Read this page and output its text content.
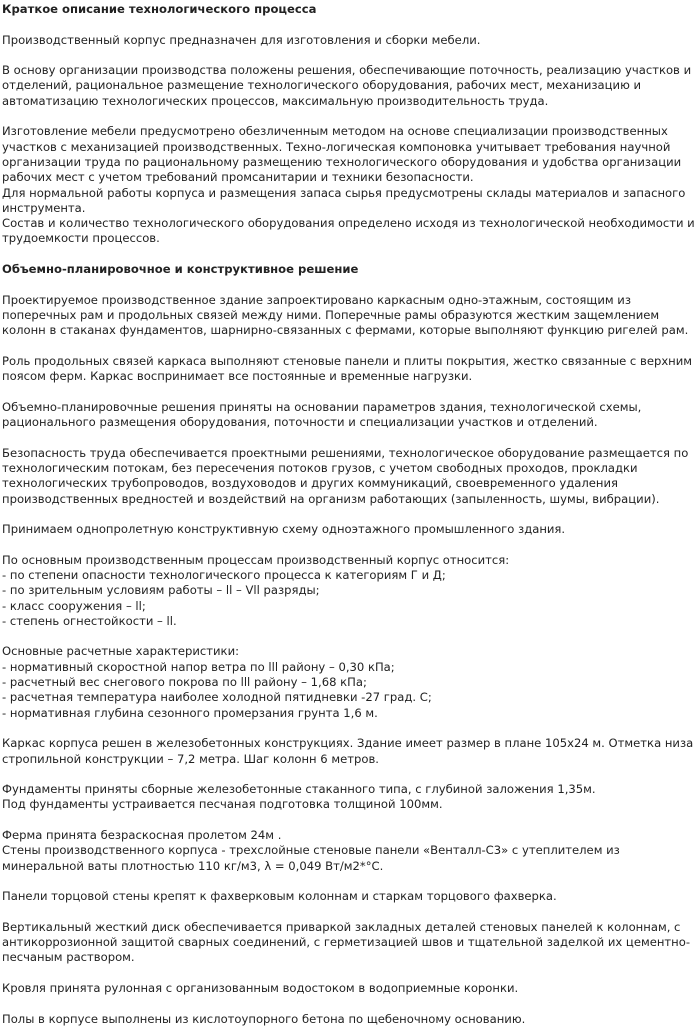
Краткое описание технологического процесса

Производственный корпус предназначен для изготовления и сборки мебели.

В основу организации производства положены решения, обеспечивающие поточность, реализацию участков и отделений, рациональное размещение технологического оборудования, рабочих мест, механизацию и автоматизацию технологических процессов, максимальную производительность труда.

Изготовление мебели предусмотрено обезличенным методом на основе специализации производственных участков с механизацией производственных. Техно-логическая компоновка учитывает требования научной организации труда по рациональному размещению технологического оборудования и удобства организации рабочих мест с учетом требований промсанитарии и техники безопасности.

Для нормальной работы корпуса и размещения запаса сырья предусмотрены склады материалов и запасного инструмента.

Состав и количество технологического оборудования определено исходя из технологической необходимости и трудоемкости процессов.

Объемно-планировочное и конструктивное решение

Проектируемое производственное здание запроектировано каркасным одно-этажным, состоящим из поперечных рам и продольных связей между ними. Поперечные рамы образуются жестким защемлением колонн в стаканах фундаментов, шарнирно-связанных с фермами, которые выполняют функцию ригелей рам.

Роль продольных связей каркаса выполняют стеновые панели и плиты покрытия, жестко связанные с верхним поясом ферм. Каркас воспринимает все постоянные и временные нагрузки.

Объемно-планировочные решения приняты на основании параметров здания, технологической схемы, рационального размещения оборудования, поточности и специализации участков и отделений.

Безопасность труда обеспечивается проектными решениями, технологическое оборудование размещается по технологическим потокам, без пересечения потоков грузов, с учетом свободных проходов, прокладки технологических трубопроводов, воздуховодов и других коммуникаций, своевременного удаления производственных вредностей и воздействий на организм работающих (запыленность, шумы, вибрации).

Принимаем однопролетную конструктивную схему одноэтажного промышленного здания.

По основным производственным процессам производственный корпус относится:

- по степени опасности технологического процесса к категориям Г и Д;

- по зрительным условиям работы – ll – Vll разряды;

- класс сооружения – ll;

- степень огнестойкости – ll.

Основные расчетные характеристики:

- нормативный скоростной напор ветра по lll району – 0,30 кПа;

- расчетный вес снегового покрова по lll району – 1,68 кПа;

- расчетная температура наиболее холодной пятидневки -27 град. С;

- нормативная глубина сезонного промерзания грунта 1,6 м.

Каркас корпуса решен в железобетонных конструкциях. Здание имеет размер в плане 105х24 м. Отметка низа стропильной конструкции – 7,2 метра. Шаг колонн 6 метров.

Фундаменты приняты сборные железобетонные стаканного типа, с глубиной заложения 1,35м.

Под фундаменты устраивается песчаная подготовка толщиной 100мм.

Ферма принята безраскосная пролетом 24м .

Стены производственного корпуса - трехслойные стеновые панели «Венталл-С3» с утеплителем из минеральной ваты плотностью 110 кг/м3, λ = 0,049 Вт/м2*°С.

Панели торцовой стены крепят к фахверковым колоннам и старкам торцового фахверка.

Вертикальный жесткий диск обеспечивается приваркой закладных деталей стеновых панелей к колоннам, с антикоррозионной защитой сварных соединений, с герметизацией швов и тщательной заделкой их цементно-песчаным раствором.

Кровля принята рулонная с организованным водостоком в водоприемные коронки.

Полы в корпусе выполнены из кислотоупорного бетона по щебеночному основанию.
